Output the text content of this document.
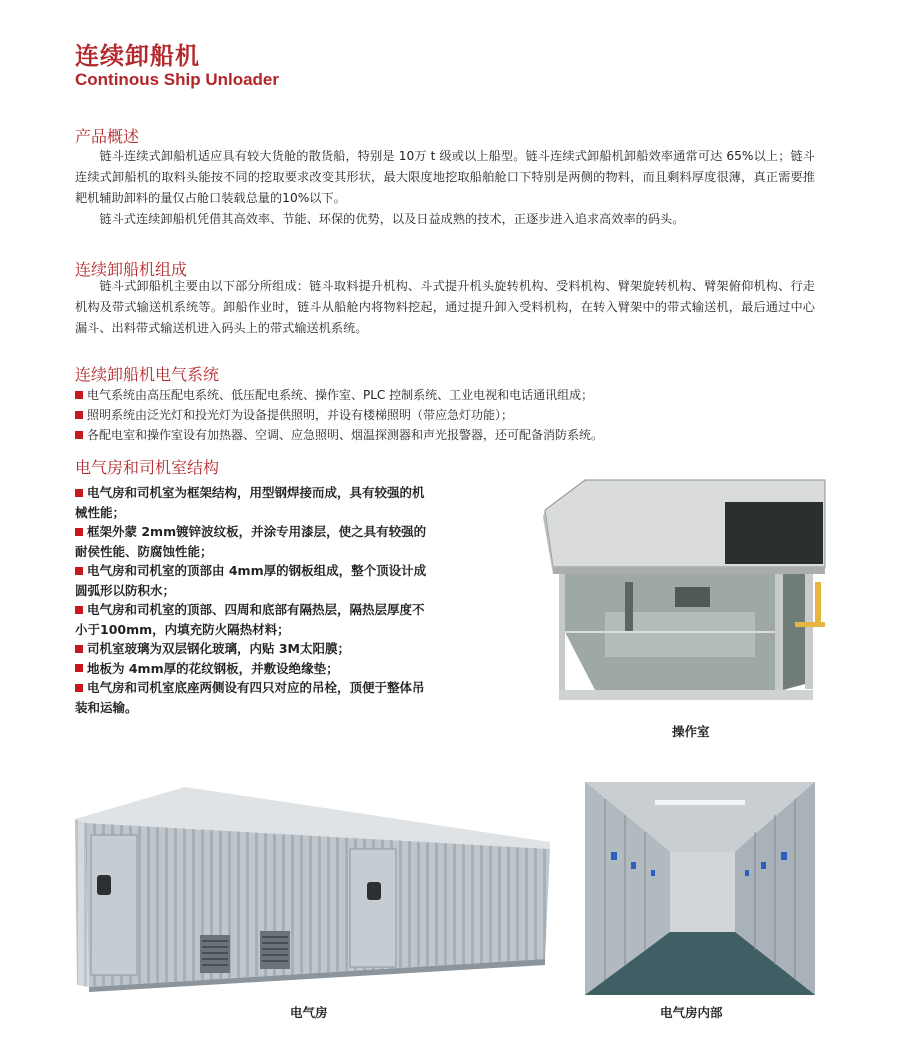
连续卸船机
Continous Ship Unloader
产品概述

链斗连续式卸船机适应具有较大货舱的散货船，特别是 10万 t 级或以上船型。链斗连续式卸船机卸船效率通常可达 65%以上；链斗连续式卸船机的取料头能按不同的挖取要求改变其形状，最大限度地挖取船舶舱口下特别是两侧的物料，而且剩料厚度很薄，真正需要推耙机辅助卸料的量仅占舱口装载总量的10%以下。

链斗式连续卸船机凭借其高效率、节能、环保的优势，以及日益成熟的技术，正逐步进入追求高效率的码头。

连续卸船机组成

链斗式卸船机主要由以下部分所组成：链斗取料提升机构、斗式提升机头旋转机构、受料机构、臂架旋转机构、臂架俯仰机构、行走机构及带式输送机系统等。卸船作业时，链斗从船舱内将物料挖起，通过提升卸入受料机构，在转入臂架中的带式输送机，最后通过中心漏斗、出料带式输送机进入码头上的带式输送机系统。

连续卸船机电气系统
电气系统由高压配电系统、低压配电系统、操作室、PLC 控制系统、工业电视和电话通讯组成；
照明系统由泛光灯和投光灯为设备提供照明，并设有楼梯照明（带应急灯功能）；
各配电室和操作室设有加热器、空调、应急照明、烟温探测器和声光报警器，还可配备消防系统。
电气房和司机室结构
电气房和司机室为框架结构，用型钢焊接而成，具有较强的机械性能；
框架外蒙 2mm镀锌波纹板，并涂专用漆层，使之具有较强的耐侯性能、防腐蚀性能；
电气房和司机室的顶部由 4mm厚的钢板组成，整个顶设计成圆弧形以防积水；
电气房和司机室的顶部、四周和底部有隔热层，隔热层厚度不小于100mm，内填充防火隔热材料；
司机室玻璃为双层钢化玻璃，内贴 3M太阳膜；
地板为 4mm厚的花纹钢板，并敷设绝缘垫；
电气房和司机室底座两侧设有四只对应的吊栓，顶便于整体吊装和运输。
操作室
电气房	电气房内部
